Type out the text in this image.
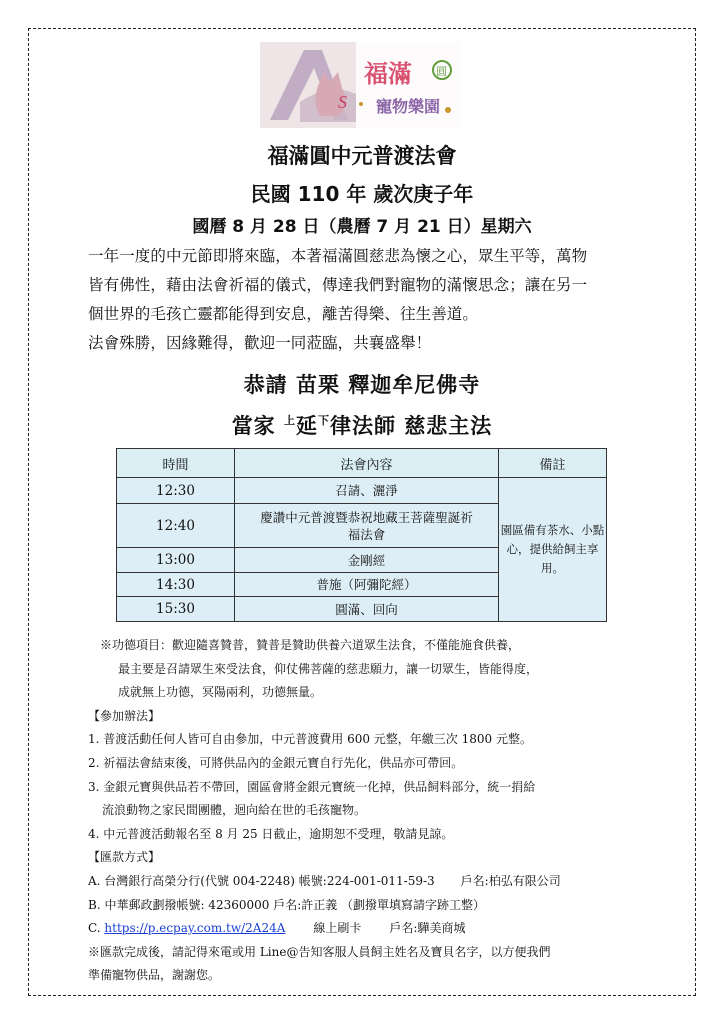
S
福滿 圓
寵物樂園
福滿圓中元普渡法會
民國 110 年 歲次庚子年
國曆 8 月 28 日（農曆 7 月 21 日）星期六

一年一度的中元節即將來臨，本著福滿圓慈悲為懷之心，眾生平等，萬物

皆有佛性，藉由法會祈福的儀式，傳達我們對寵物的滿懷思念；讓在另一

個世界的毛孩亡靈都能得到安息，離苦得樂、往生善道。

法會殊勝，因緣難得，歡迎一同蒞臨，共襄盛舉！

恭請 苗栗 釋迦牟尼佛寺
當家 $^上$延$^下$律法師 慈悲主法
時間	法會內容	備註
12:30	召請、灑淨	園區備有茶水、小點心，提供給飼主享用。
12:40	慶讚中元普渡暨恭祝地藏王菩薩聖誕祈福法會	
13:00	金剛經	
14:30	普施（阿彌陀經）	
15:30	圓滿、回向	

※功德項目：歡迎隨喜贊普，贊普是贊助供養六道眾生法食，不僅能施食供養，

最主要是召請眾生來受法食，仰仗佛菩薩的慈悲願力，讓一切眾生，皆能得度，

成就無上功德，冥陽兩利，功德無量。

【參加辦法】

1. 普渡活動任何人皆可自由參加，中元普渡費用 600 元整，年繳三次 1800 元整。

2. 祈福法會結束後，可將供品內的金銀元寶自行先化，供品亦可帶回。

3. 金銀元寶與供品若不帶回，園區會將金銀元寶統一化掉，供品飼料部分，統一捐給

流浪動物之家民間團體，迴向給在世的毛孩寵物。

4. 中元普渡活動報名至 8 月 25 日截止，逾期恕不受理，敬請見諒。

【匯款方式】

A. 台灣銀行高榮分行(代號 004-2248) 帳號:224-001-011-59-3 戶名:柏弘有限公司

B. 中華郵政劃撥帳號: 42360000 戶名:許正義 （劃撥單填寫請字跡工整）

C. https://p.ecpay.com.tw/2A24A 線上刷卡 戶名:驊美商城

※匯款完成後，請記得來電或用 Line@告知客服人員飼主姓名及寶貝名字，以方便我們

準備寵物供品，謝謝您。
